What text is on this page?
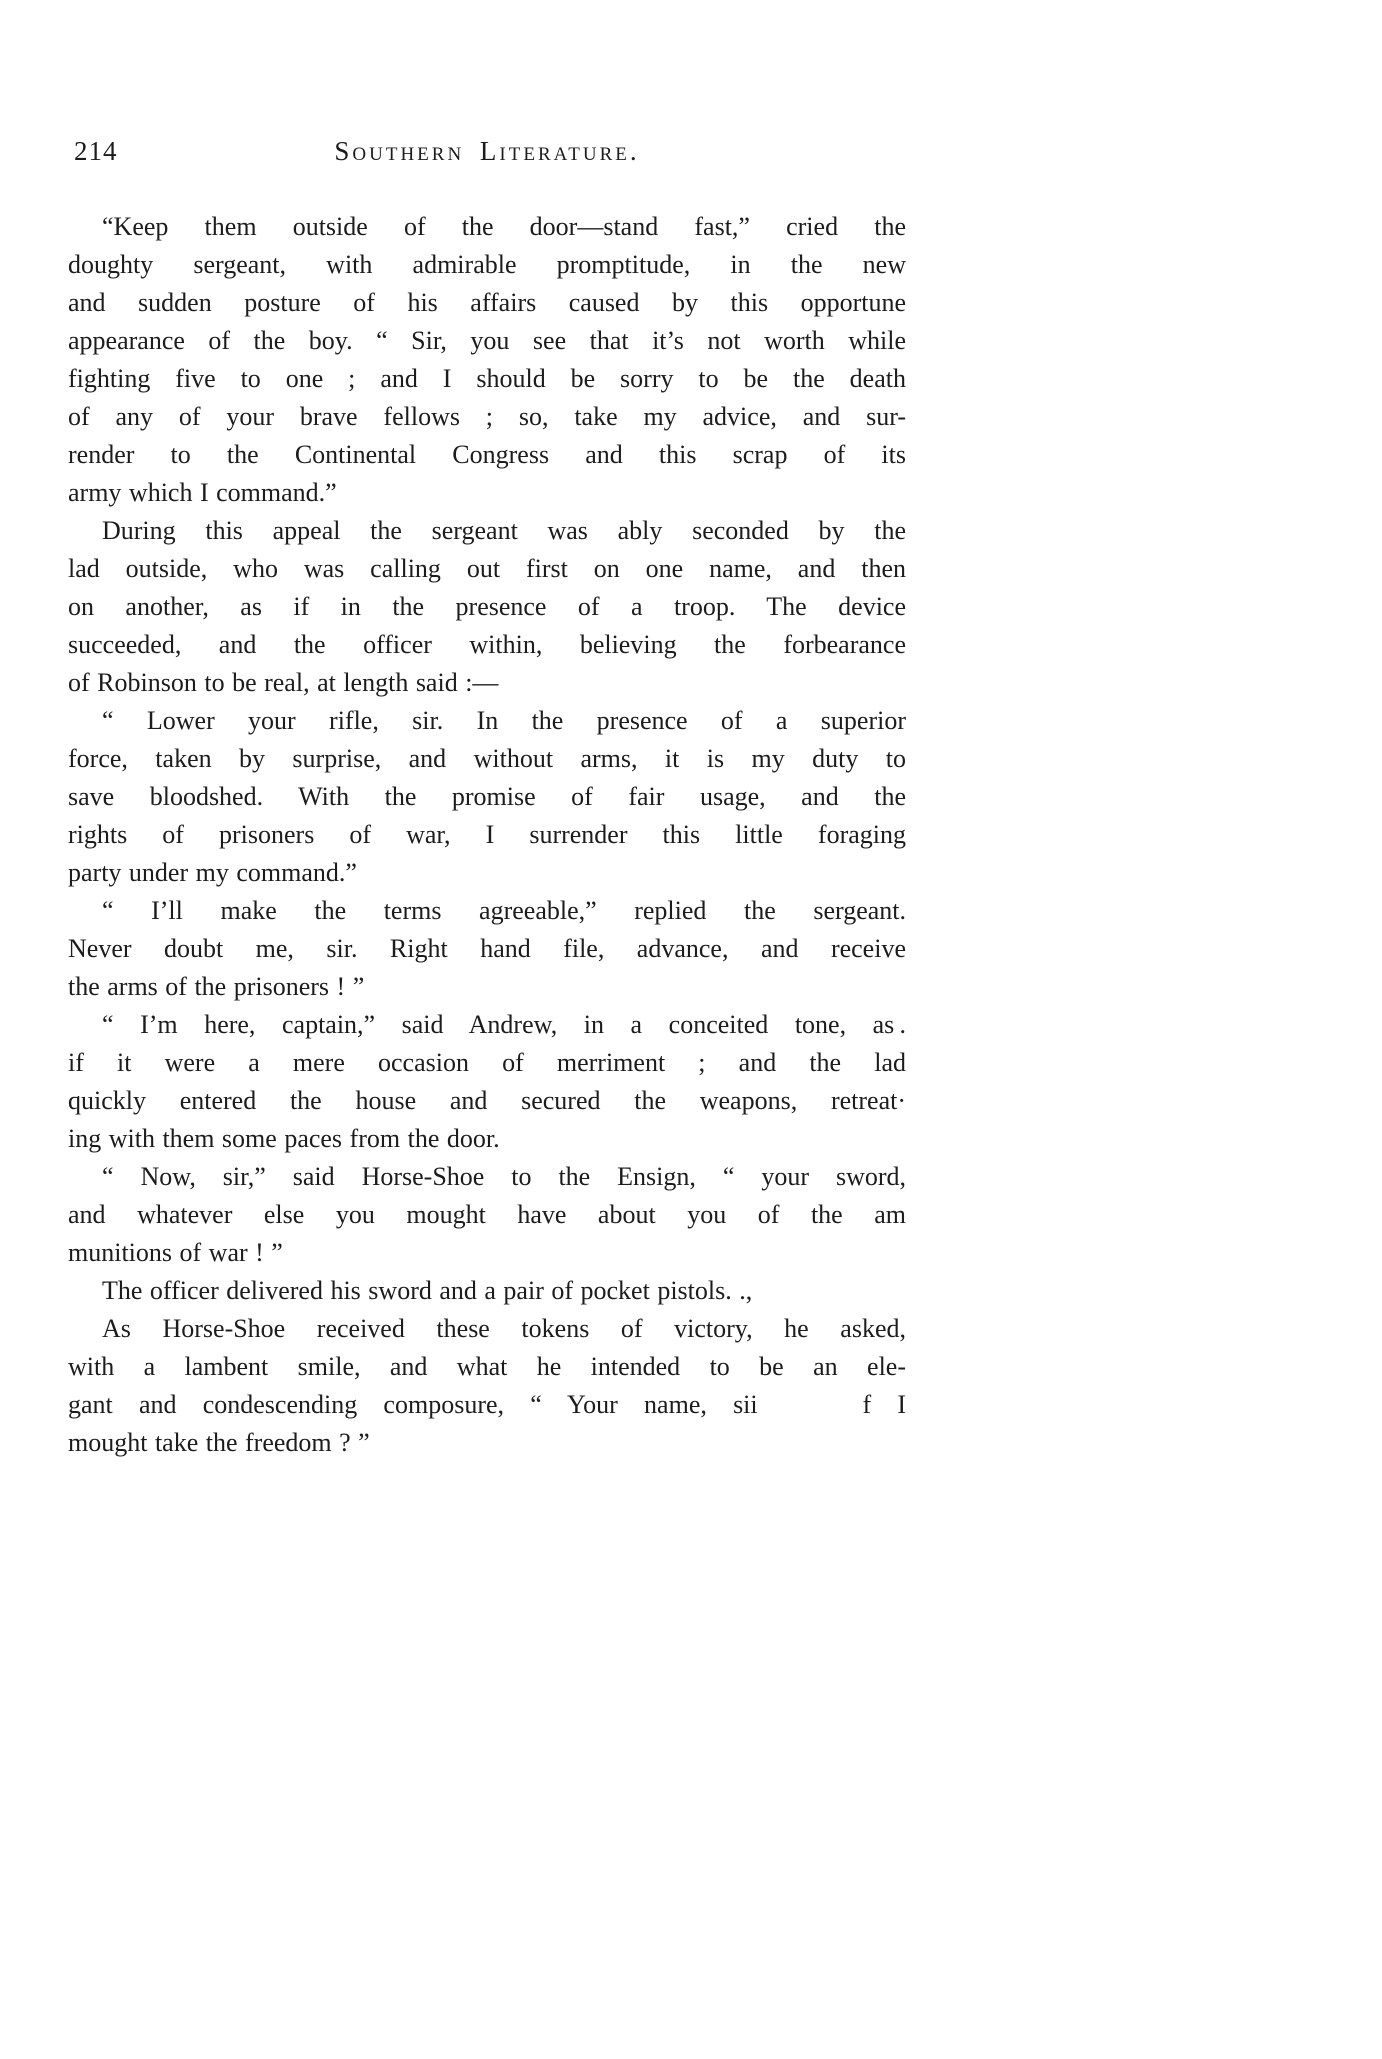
214	Southern Literature.
“Keep them outside of the door—stand fast,” cried the
doughty sergeant, with admirable promptitude, in the new
and sudden posture of his affairs caused by this opportune
appearance of the boy. “ Sir, you see that it’s not worth while
fighting five to one ; and I should be sorry to be the death
of any of your brave fellows ; so, take my advice, and sur-
render to the Continental Congress and this scrap of its
army which I command.”
During this appeal the sergeant was ably seconded by the
lad outside, who was calling out first on one name, and then
on another, as if in the presence of a troop. The device
succeeded, and the officer within, believing the forbearance
of Robinson to be real, at length said :—
“ Lower your rifle, sir. In the presence of a superior
force, taken by surprise, and without arms, it is my duty to
save bloodshed. With the promise of fair usage, and the
rights of prisoners of war, I surrender this little foraging
party under my command.”
“ I’ll make the terms agreeable,” replied the sergeant.
Never doubt me, sir. Right hand file, advance, and receive
the arms of the prisoners ! ”
“ I’m here, captain,” said Andrew, in a conceited tone, as .
if it were a mere occasion of merriment ; and the lad
quickly entered the house and secured the weapons, retreat·
ing with them some paces from the door.
“ Now, sir,” said Horse-Shoe to the Ensign, “ your sword,
and whatever else you mought have about you of the am
munitions of war ! ”
The officer delivered his sword and a pair of pocket pistols. .,
As Horse-Shoe received these tokens of victory, he asked,
with a lambent smile, and what he intended to be an ele-
gant and condescending composure, “ Your name, sii    f I
mought take the freedom ? ”
